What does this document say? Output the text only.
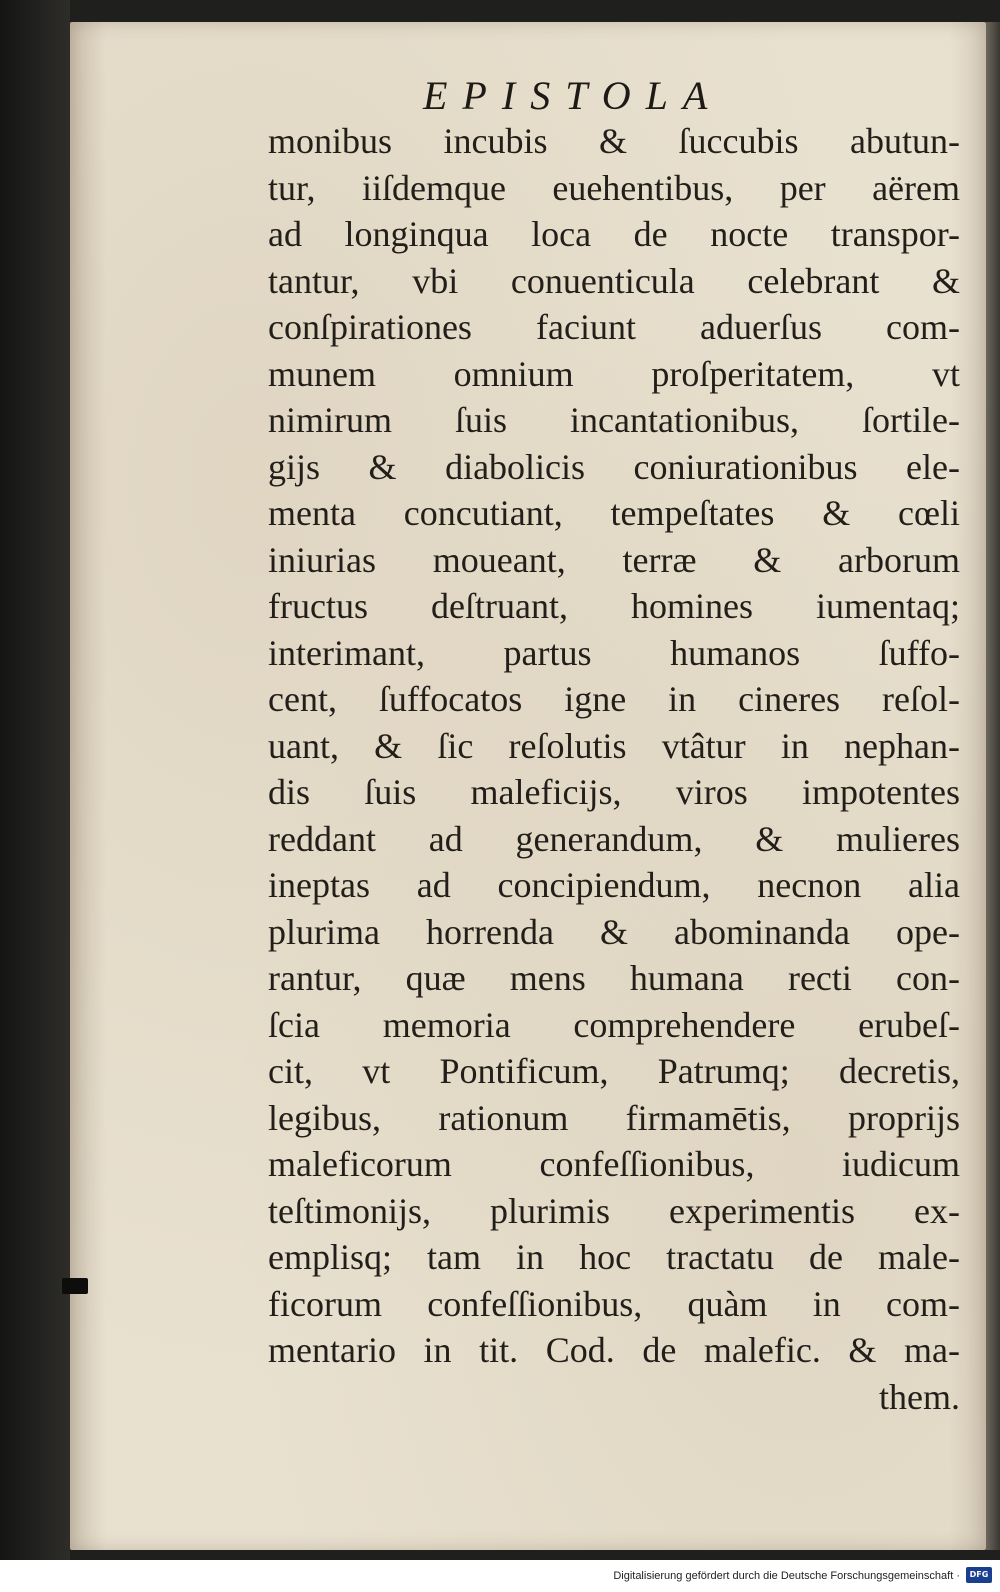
EPISTOLA
monibus incubis & ſuccubis abutun-
tur, iiſdemque euehentibus, per aërem
ad longinqua loca de nocte transpor-
tantur, vbi conuenticula celebrant &
conſpirationes faciunt aduerſus com-
munem omnium proſperitatem, vt
nimirum ſuis incantationibus, ſortile-
gijs & diabolicis coniurationibus ele-
menta concutiant, tempeſtates & cœli
iniurias moueant, terræ & arborum
fructus deſtruant, homines iumentaq;
interimant, partus humanos ſuffo-
cent, ſuffocatos igne in cineres reſol-
uant, & ſic reſolutis vtâtur in nephan-
dis ſuis maleficijs, viros impotentes
reddant ad generandum, & mulieres
ineptas ad concipiendum, necnon alia
plurima horrenda & abominanda ope-
rantur, quæ mens humana recti con-
ſcia memoria comprehendere erubeſ-
cit, vt Pontificum, Patrumq; decretis,
legibus, rationum firmamētis, proprijs
maleficorum confeſſionibus, iudicum
teſtimonijs, plurimis experimentis ex-
emplisq; tam in hoc tractatu de male-
ficorum confeſſionibus, quàm in com-
mentario in tit. Cod. de malefic. & ma-
them.
Digitalisierung gefördert durch die Deutsche Forschungsgemeinschaft ·	DFG
